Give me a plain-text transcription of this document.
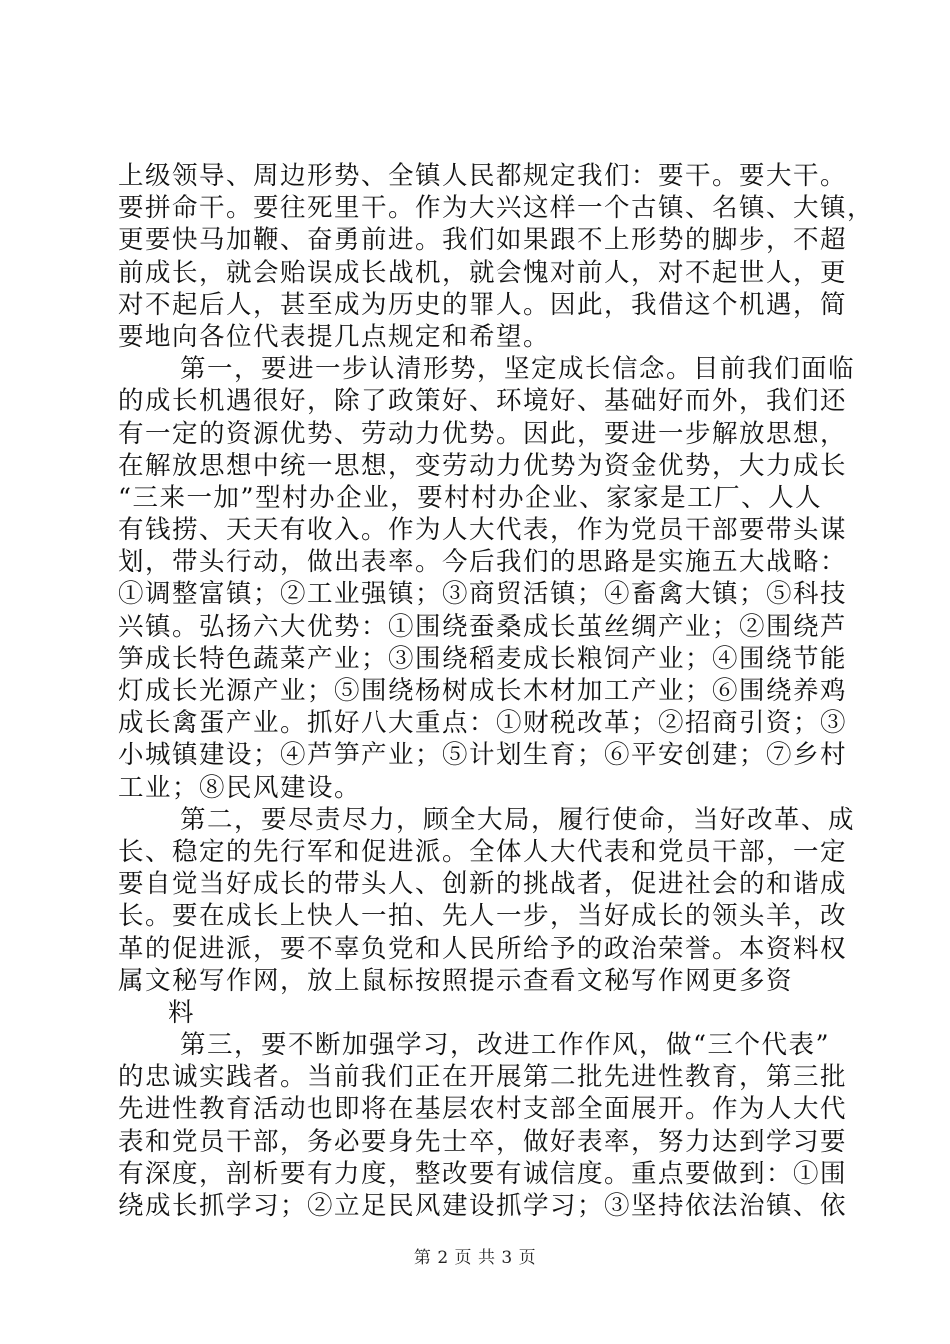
上级领导、周边形势、全镇人民都规定我们：要干。要大干。
要拼命干。要往死里干。作为大兴这样一个古镇、名镇、大镇，
更要快马加鞭、奋勇前进。我们如果跟不上形势的脚步，不超
前成长，就会贻误成长战机，就会愧对前人，对不起世人，更
对不起后人，甚至成为历史的罪人。因此，我借这个机遇，简
要地向各位代表提几点规定和希望。
第一，要进一步认清形势，坚定成长信念。目前我们面临
的成长机遇很好，除了政策好、环境好、基础好而外，我们还
有一定的资源优势、劳动力优势。因此，要进一步解放思想，
在解放思想中统一思想，变劳动力优势为资金优势，大力成长
“三来一加”型村办企业，要村村办企业、家家是工厂、人人
有钱捞、天天有收入。作为人大代表，作为党员干部要带头谋
划，带头行动，做出表率。今后我们的思路是实施五大战略：
①调整富镇；②工业强镇；③商贸活镇；④畜禽大镇；⑤科技
兴镇。弘扬六大优势：①围绕蚕桑成长茧丝绸产业；②围绕芦
笋成长特色蔬菜产业；③围绕稻麦成长粮饲产业；④围绕节能
灯成长光源产业；⑤围绕杨树成长木材加工产业；⑥围绕养鸡
成长禽蛋产业。抓好八大重点：①财税改革；②招商引资；③
小城镇建设；④芦笋产业；⑤计划生育；⑥平安创建；⑦乡村
工业；⑧民风建设。
第二，要尽责尽力，顾全大局，履行使命，当好改革、成
长、稳定的先行军和促进派。全体人大代表和党员干部，一定
要自觉当好成长的带头人、创新的挑战者，促进社会的和谐成
长。要在成长上快人一拍、先人一步，当好成长的领头羊，改
革的促进派，要不辜负党和人民所给予的政治荣誉。本资料权
属文秘写作网，放上鼠标按照提示查看文秘写作网更多资
料
第三，要不断加强学习，改进工作作风，做“三个代表”
的忠诚实践者。当前我们正在开展第二批先进性教育，第三批
先进性教育活动也即将在基层农村支部全面展开。作为人大代
表和党员干部，务必要身先士卒，做好表率，努力达到学习要
有深度，剖析要有力度，整改要有诚信度。重点要做到：①围
绕成长抓学习；②立足民风建设抓学习；③坚持依法治镇、依
第 2 页 共 3 页
